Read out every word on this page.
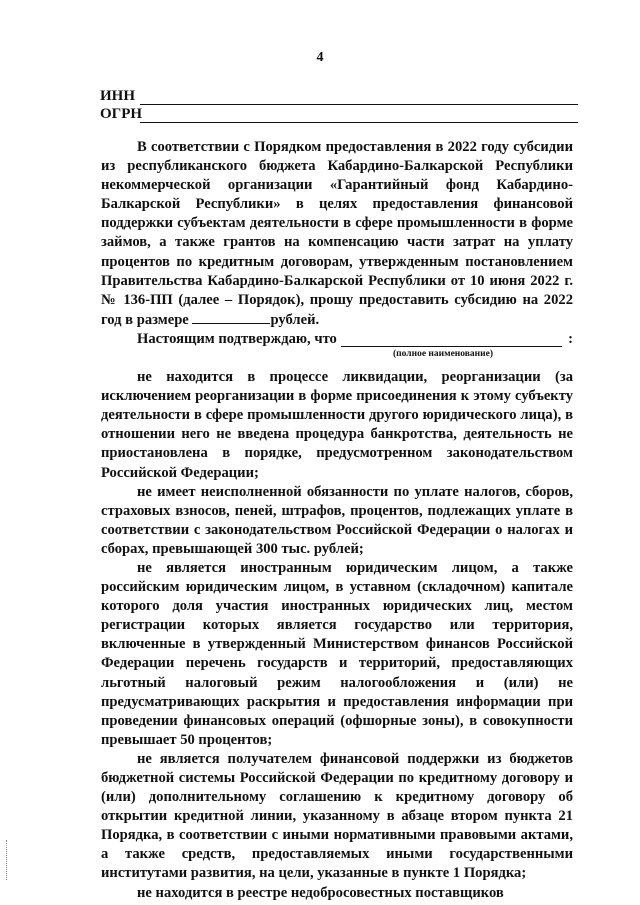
4
ИНН
ОГРН

В соответствии с Порядком предоставления в 2022 году субсидии из республиканского бюджета Кабардино-Балкарской Республики некоммерческой организации «Гарантийный фонд Кабардино-Балкарской Республики» в целях предоставления финансовой поддержки субъектам деятельности в сфере промышленности в форме займов, а также грантов на компенсацию части затрат на уплату процентов по кредитным договорам, утвержденным постановлением Правительства Кабардино-Балкарской Республики от 10 июня 2022 г. № 136-ПП (далее – Порядок), прошу предоставить субсидию на 2022 год в размере	рублей.

Настоящим подтверждаю, что	:

(полное наименование)

не находится в процессе ликвидации, реорганизации (за исключением реорганизации в форме присоединения к этому субъекту деятельности в сфере промышленности другого юридического лица), в отношении него не введена процедура банкротства, деятельность не приостановлена в порядке, предусмотренном законодательством Российской Федерации;

не имеет неисполненной обязанности по уплате налогов, сборов, страховых взносов, пеней, штрафов, процентов, подлежащих уплате в соответствии с законодательством Российской Федерации о налогах и сборах, превышающей 300 тыс. рублей;

не является иностранным юридическим лицом, а также российским юридическим лицом, в уставном (складочном) капитале которого доля участия иностранных юридических лиц, местом регистрации которых является государство или территория, включенные в утвержденный Министерством финансов Российской Федерации перечень государств и территорий, предоставляющих льготный налоговый режим налогообложения и (или) не предусматривающих раскрытия и предоставления информации при проведении финансовых операций (офшорные зоны), в совокупности превышает 50 процентов;

не является получателем финансовой поддержки из бюджетов бюджетной системы Российской Федерации по кредитному договору и (или) дополнительному соглашению к кредитному договору об открытии кредитной линии, указанному в абзаце втором пункта 21 Порядка, в соответствии с иными нормативными правовыми актами, а также средств, предоставляемых иными государственными институтами развития, на цели, указанные в пункте 1 Порядка;

не находится в реестре недобросовестных поставщиков
